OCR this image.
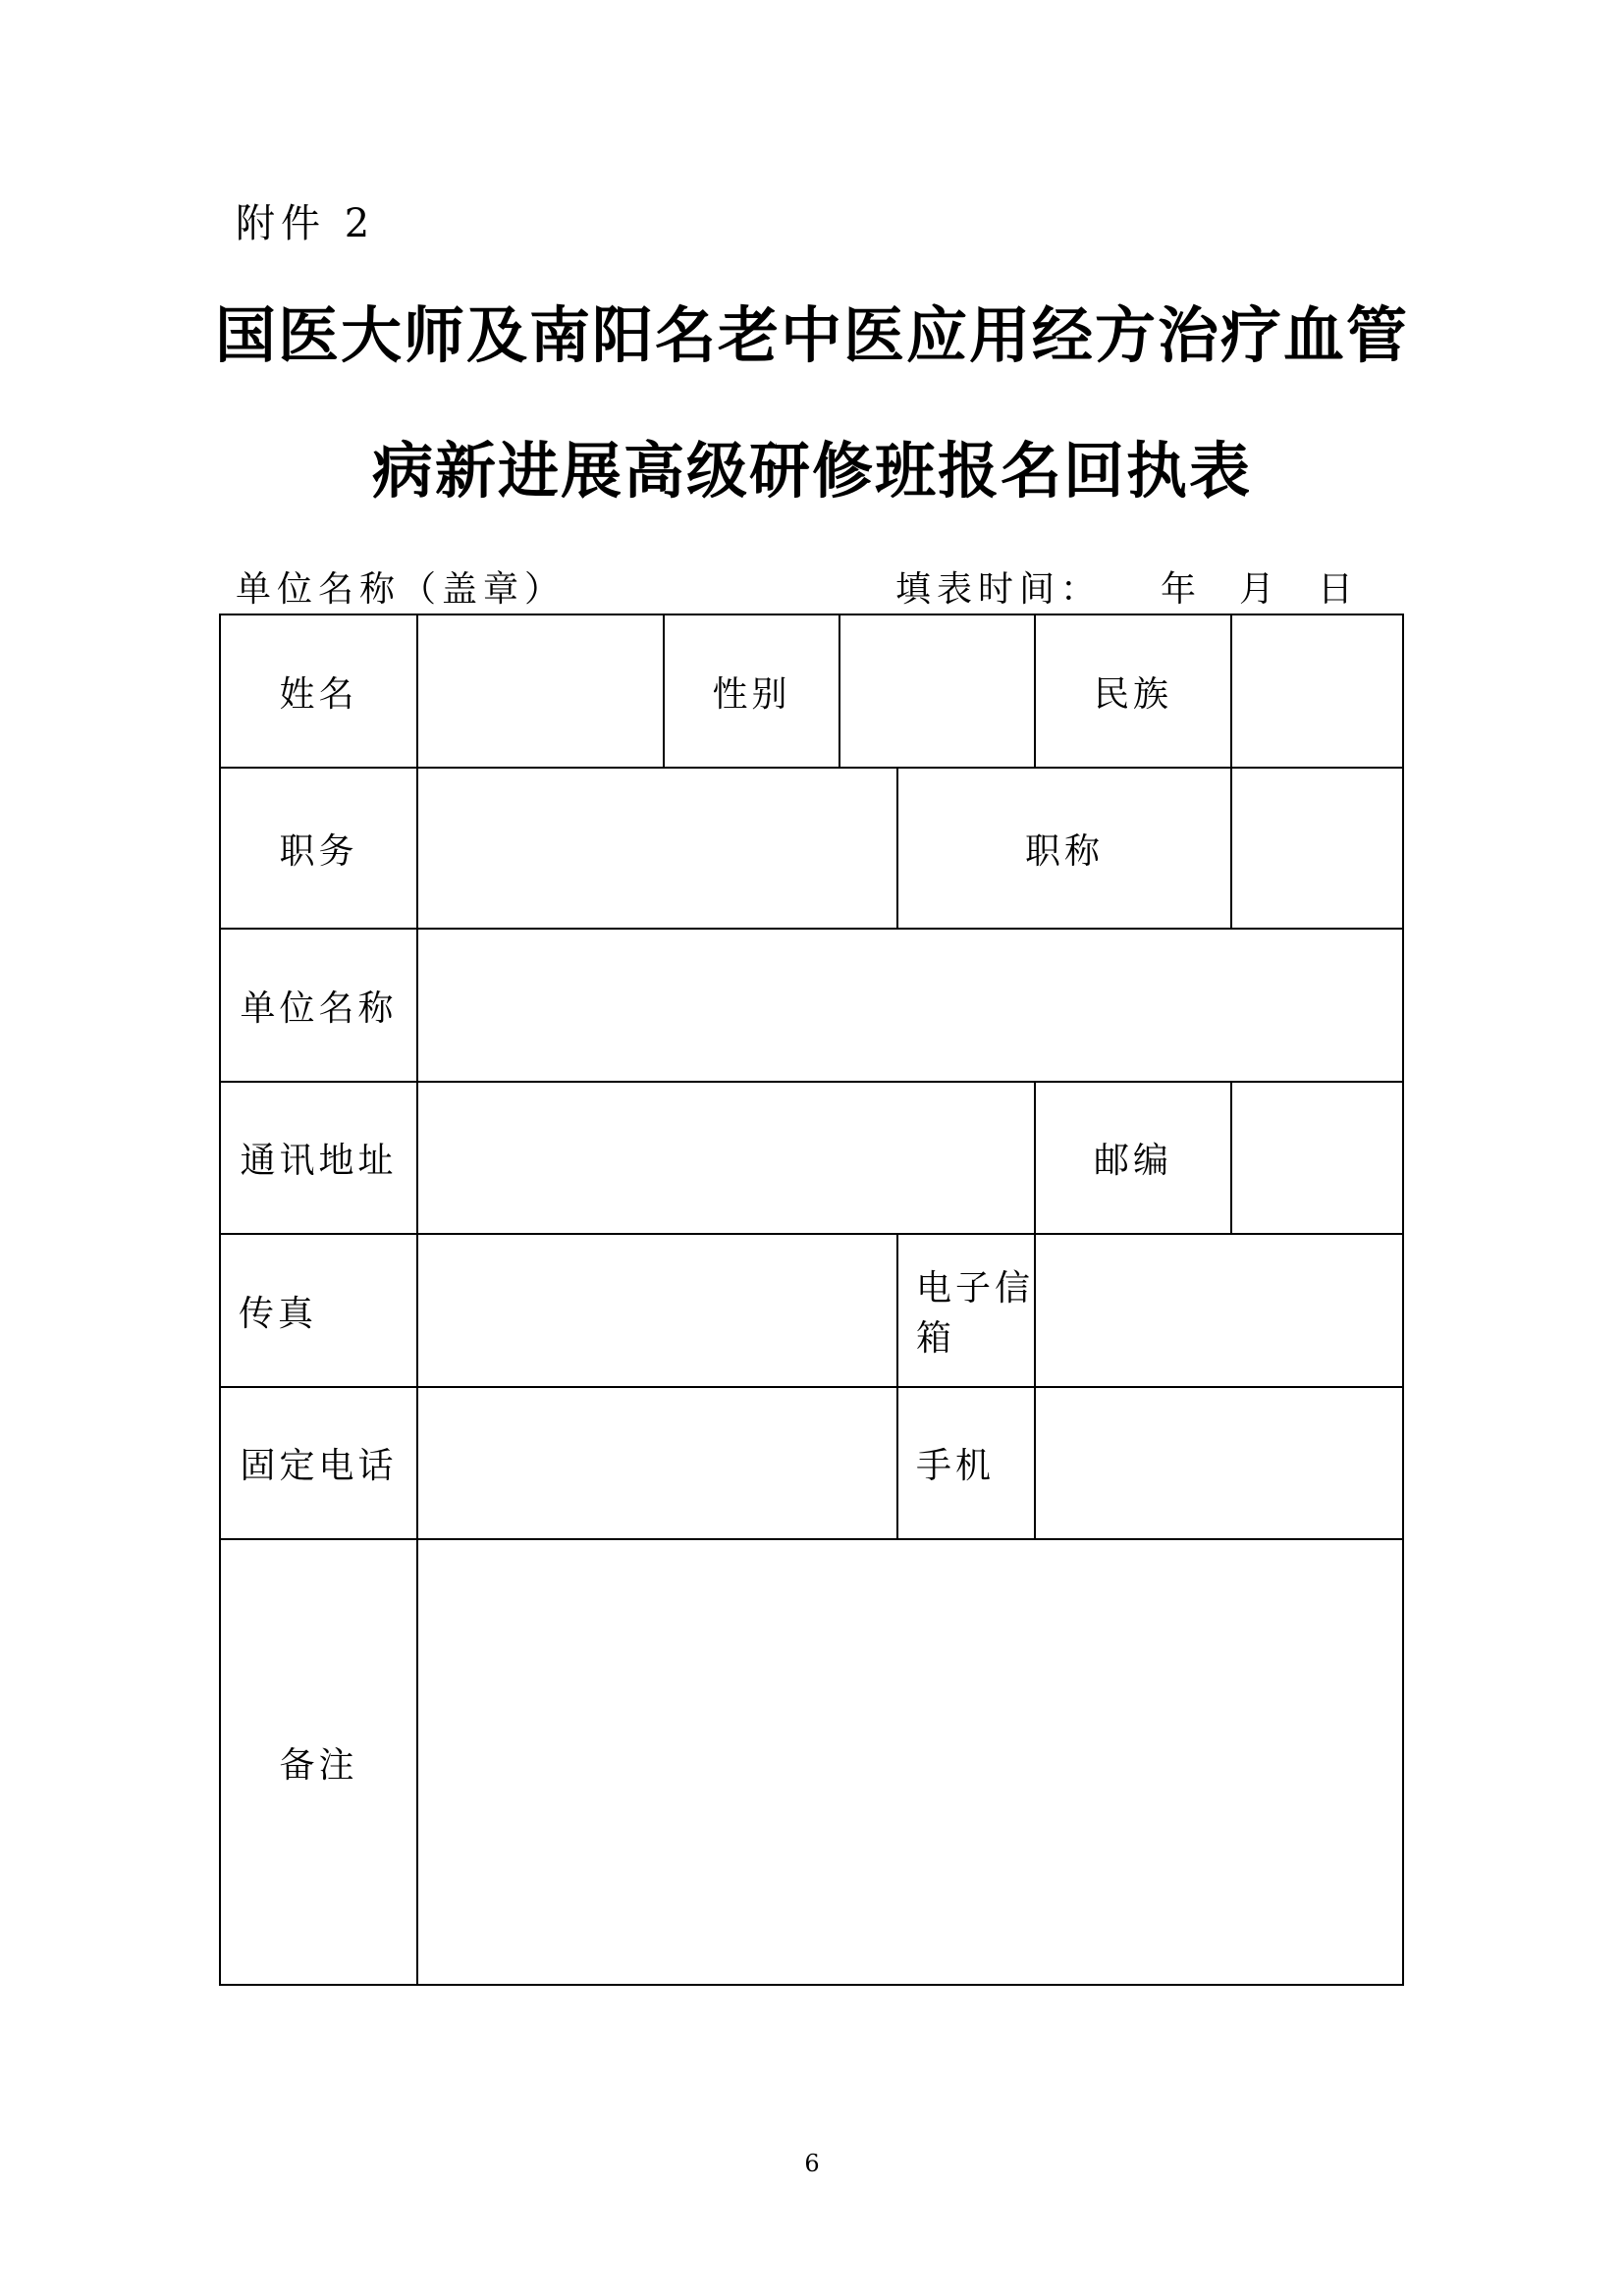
附件 2
国医大师及南阳名老中医应用经方治疗血管
病新进展高级研修班报名回执表
单位名称（盖章）	填表时间： 年 月 日
姓名		性别			民族	
职务				职称		
单位名称						
通讯地址					邮编	
传真				电子信箱		
固定电话				手机		
备注						
6
